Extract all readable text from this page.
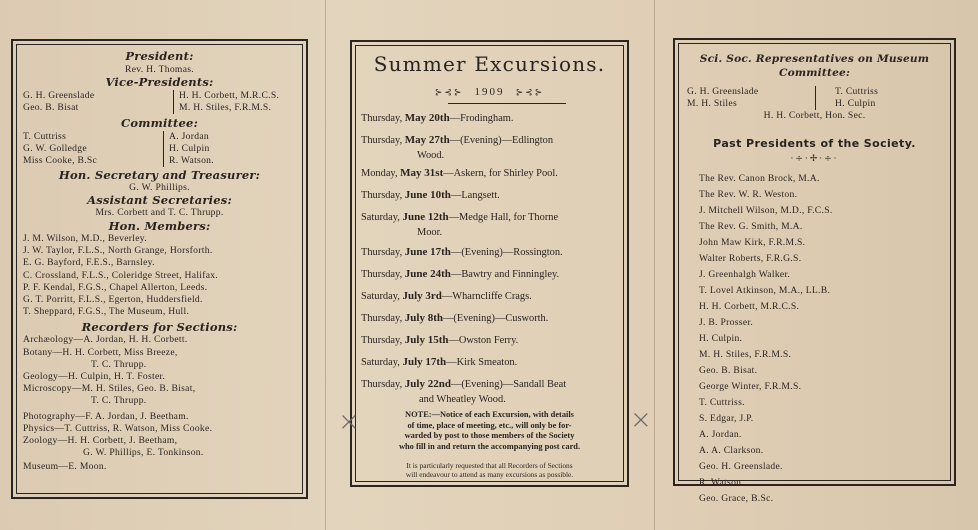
President:
Rev. H. Thomas.
Vice-Presidents:
G. H. Greenslade	H. H. Corbett, M.R.C.S.
Geo. B. Bisat	M. H. Stiles, F.R.M.S.
Committee:
T. Cuttriss	A. Jordan
G. W. Golledge	H. Culpin
Miss Cooke, B.Sc	R. Watson.
Hon. Secretary and Treasurer:
G. W. Phillips.
Assistant Secretaries:
Mrs. Corbett and T. C. Thrupp.
Hon. Members:
J. M. Wilson, M.D., Beverley.
J. W. Taylor, F.L.S., North Grange, Horsforth.
E. G. Bayford, F.E.S., Barnsley.
C. Crossland, F.L.S., Coleridge Street, Halifax.
P. F. Kendal, F.G.S., Chapel Allerton, Leeds.
G. T. Porritt, F.L.S., Egerton, Huddersfield.
T. Sheppard, F.G.S., The Museum, Hull.
Recorders for Sections:
Archæology—A. Jordan, H. H. Corbett.
Botany—H. H. Corbett, Miss Breeze,
T. C. Thrupp.
Geology—H. Culpin, H. T. Foster.
Microscopy—M. H. Stiles, Geo. B. Bisat,
T. C. Thrupp.
Photography—F. A. Jordan, J. Beetham.
Physics—T. Cuttriss, R. Watson, Miss Cooke.
Zoology—H. H. Corbett, J. Beetham,
G. W. Phillips, E. Tonkinson.
Museum—E. Moon.
Summer Excursions.
⊱⊰⊱ 1909 ⊱⊰⊱
Thursday, May 20th—Frodingham.
Thursday, May 27th—(Evening)—Edlington
Wood.
Monday, May 31st—Askern, for Shirley Pool.
Thursday, June 10th—Langsett.
Saturday, June 12th—Medge Hall, for Thorne
Moor.
Thursday, June 17th—(Evening)—Rossington.
Thursday, June 24th—Bawtry and Finningley.
Saturday, July 3rd—Wharncliffe Crags.
Thursday, July 8th—(Evening)—Cusworth.
Thursday, July 15th—Owston Ferry.
Saturday, July 17th—Kirk Smeaton.
Thursday, July 22nd—(Evening)—Sandall Beat
and Wheatley Wood.
NOTE:—Notice of each Excursion, with details
of time, place of meeting, etc., will only be for-
warded by post to those members of the Society
who fill in and return the accompanying post card.
It is particularly requested that all Recorders of Sections
will endeavour to attend as many excursions as possible.
Sci. Soc. Representatives on Museum
Committee:
G. H. Greenslade	T. Cuttriss
M. H. Stiles	H. Culpin
H. H. Corbett, Hon. Sec.
Past Presidents of the Society.
·÷·✢·÷·
The Rev. Canon Brock, M.A.
The Rev. W. R. Weston.
J. Mitchell Wilson, M.D., F.C.S.
The Rev. G. Smith, M.A.
John Maw Kirk, F.R.M.S.
Walter Roberts, F.R.G.S.
J. Greenhalgh Walker.
T. Lovel Atkinson, M.A., LL.B.
H. H. Corbett, M.R.C.S.
J. B. Prosser.
H. Culpin.
M. H. Stiles, F.R.M.S.
Geo. B. Bisat.
George Winter, F.R.M.S.
T. Cuttriss.
S. Edgar, J.P.
A. Jordan.
A. A. Clarkson.
Geo. H. Greenslade.
R. Watson.
Geo. Grace, B.Sc.
⨯	⨯
